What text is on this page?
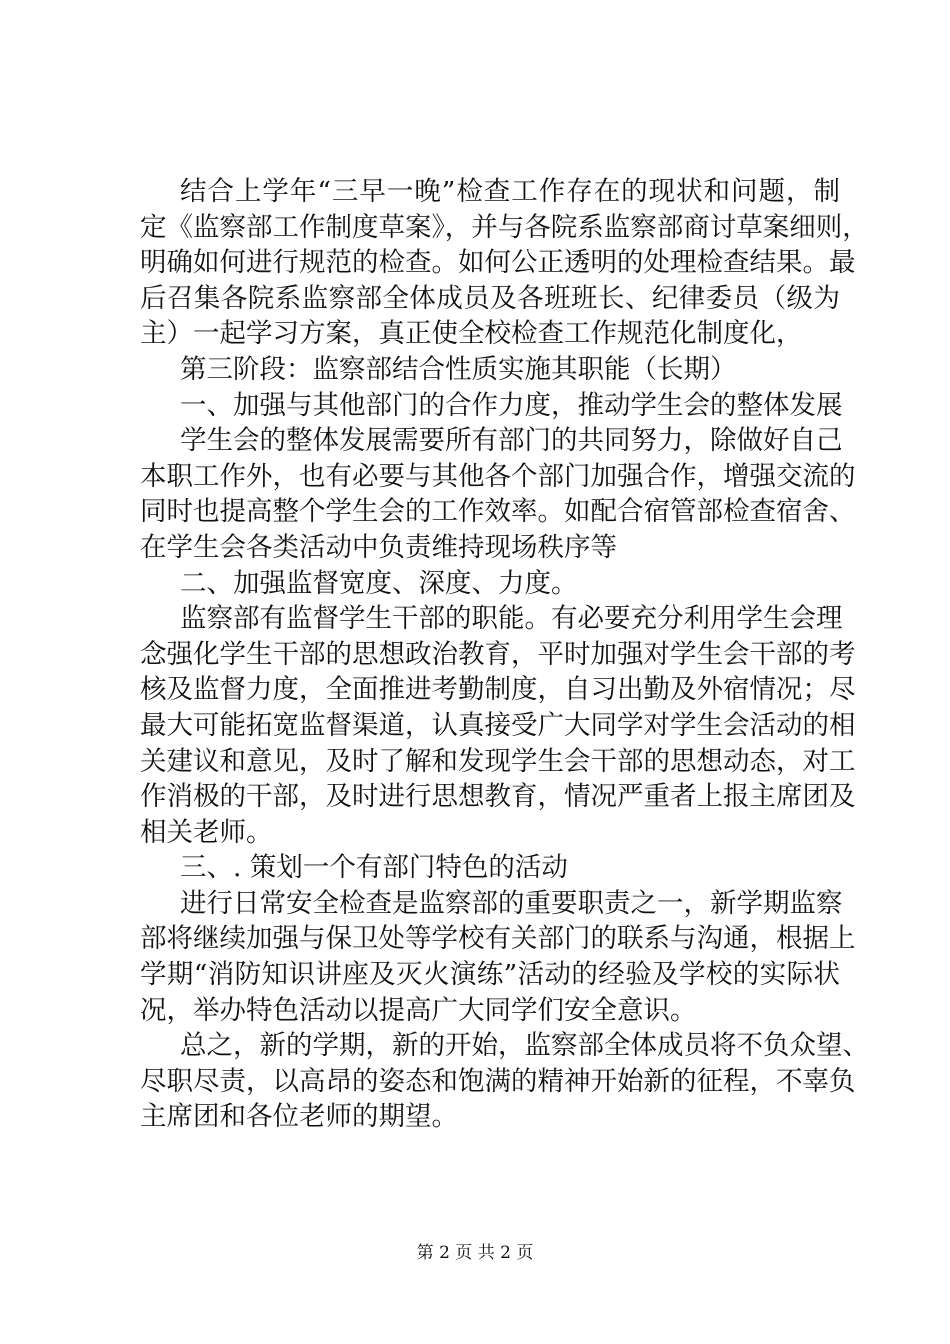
结合上学年“三早一晚”检查工作存在的现状和问题，制
定《监察部工作制度草案》，并与各院系监察部商讨草案细则，
明确如何进行规范的检查。如何公正透明的处理检查结果。最
后召集各院系监察部全体成员及各班班长、纪律委员（级为
主）一起学习方案，真正使全校检查工作规范化制度化，
第三阶段：监察部结合性质实施其职能（长期）
一、加强与其他部门的合作力度，推动学生会的整体发展
学生会的整体发展需要所有部门的共同努力，除做好自己
本职工作外，也有必要与其他各个部门加强合作，增强交流的
同时也提高整个学生会的工作效率。如配合宿管部检查宿舍、
在学生会各类活动中负责维持现场秩序等
二、加强监督宽度、深度、力度。
监察部有监督学生干部的职能。有必要充分利用学生会理
念强化学生干部的思想政治教育，平时加强对学生会干部的考
核及监督力度，全面推进考勤制度，自习出勤及外宿情况；尽
最大可能拓宽监督渠道，认真接受广大同学对学生会活动的相
关建议和意见，及时了解和发现学生会干部的思想动态，对工
作消极的干部，及时进行思想教育，情况严重者上报主席团及
相关老师。
三、. 策划一个有部门特色的活动
进行日常安全检查是监察部的重要职责之一，新学期监察
部将继续加强与保卫处等学校有关部门的联系与沟通，根据上
学期“消防知识讲座及灭火演练”活动的经验及学校的实际状
况，举办特色活动以提高广大同学们安全意识。
总之，新的学期，新的开始，监察部全体成员将不负众望、
尽职尽责，以高昂的姿态和饱满的精神开始新的征程，不辜负
主席团和各位老师的期望。
第 2 页 共 2 页
